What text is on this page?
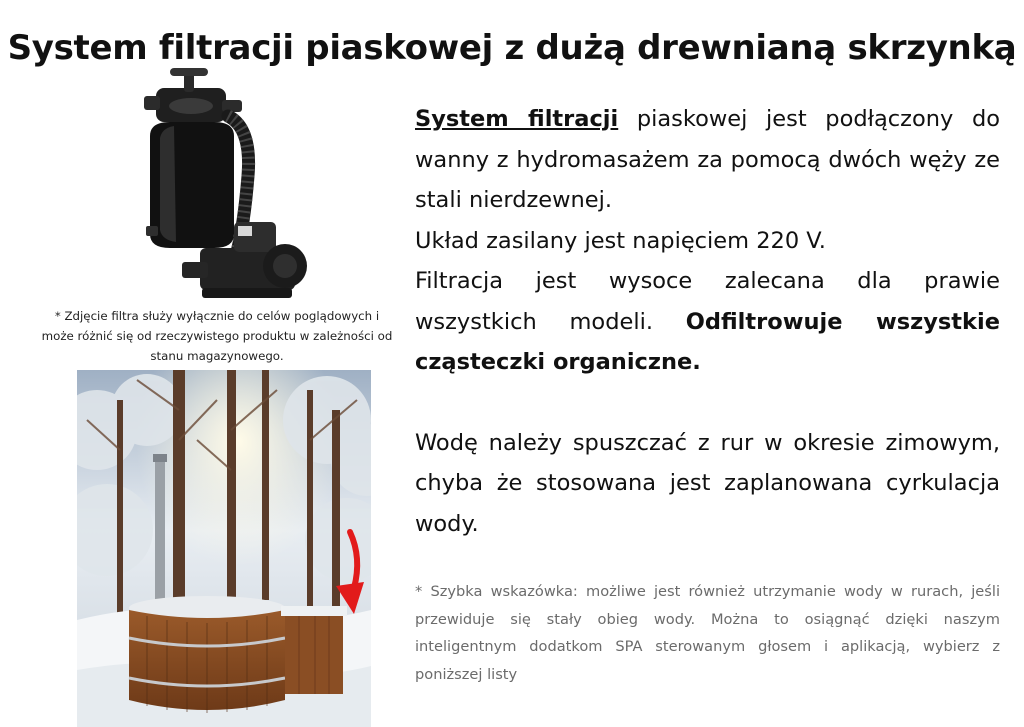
System filtracji piaskowej z dużą drewnianą skrzynką
* Zdjęcie filtra służy wyłącznie do celów poglądowych i może różnić się od rzeczywistego produktu w zależności od stanu magazynowego.

System filtracji piaskowej jest podłączony do wanny z hydromasażem za pomocą dwóch węży ze stali nierdzewnej.

Układ zasilany jest napięciem 220 V.

Filtracja jest wysoce zalecana dla prawie wszystkich modeli. Odfiltrowuje wszystkie cząsteczki organiczne.

Wodę należy spuszczać z rur w okresie zimowym, chyba że stosowana jest zaplanowana cyrkulacja wody.

* Szybka wskazówka: możliwe jest również utrzymanie wody w rurach, jeśli przewiduje się stały obieg wody. Można to osiągnąć dzięki naszym inteligentnym dodatkom SPA sterowanym głosem i aplikacją, wybierz z poniższej listy
